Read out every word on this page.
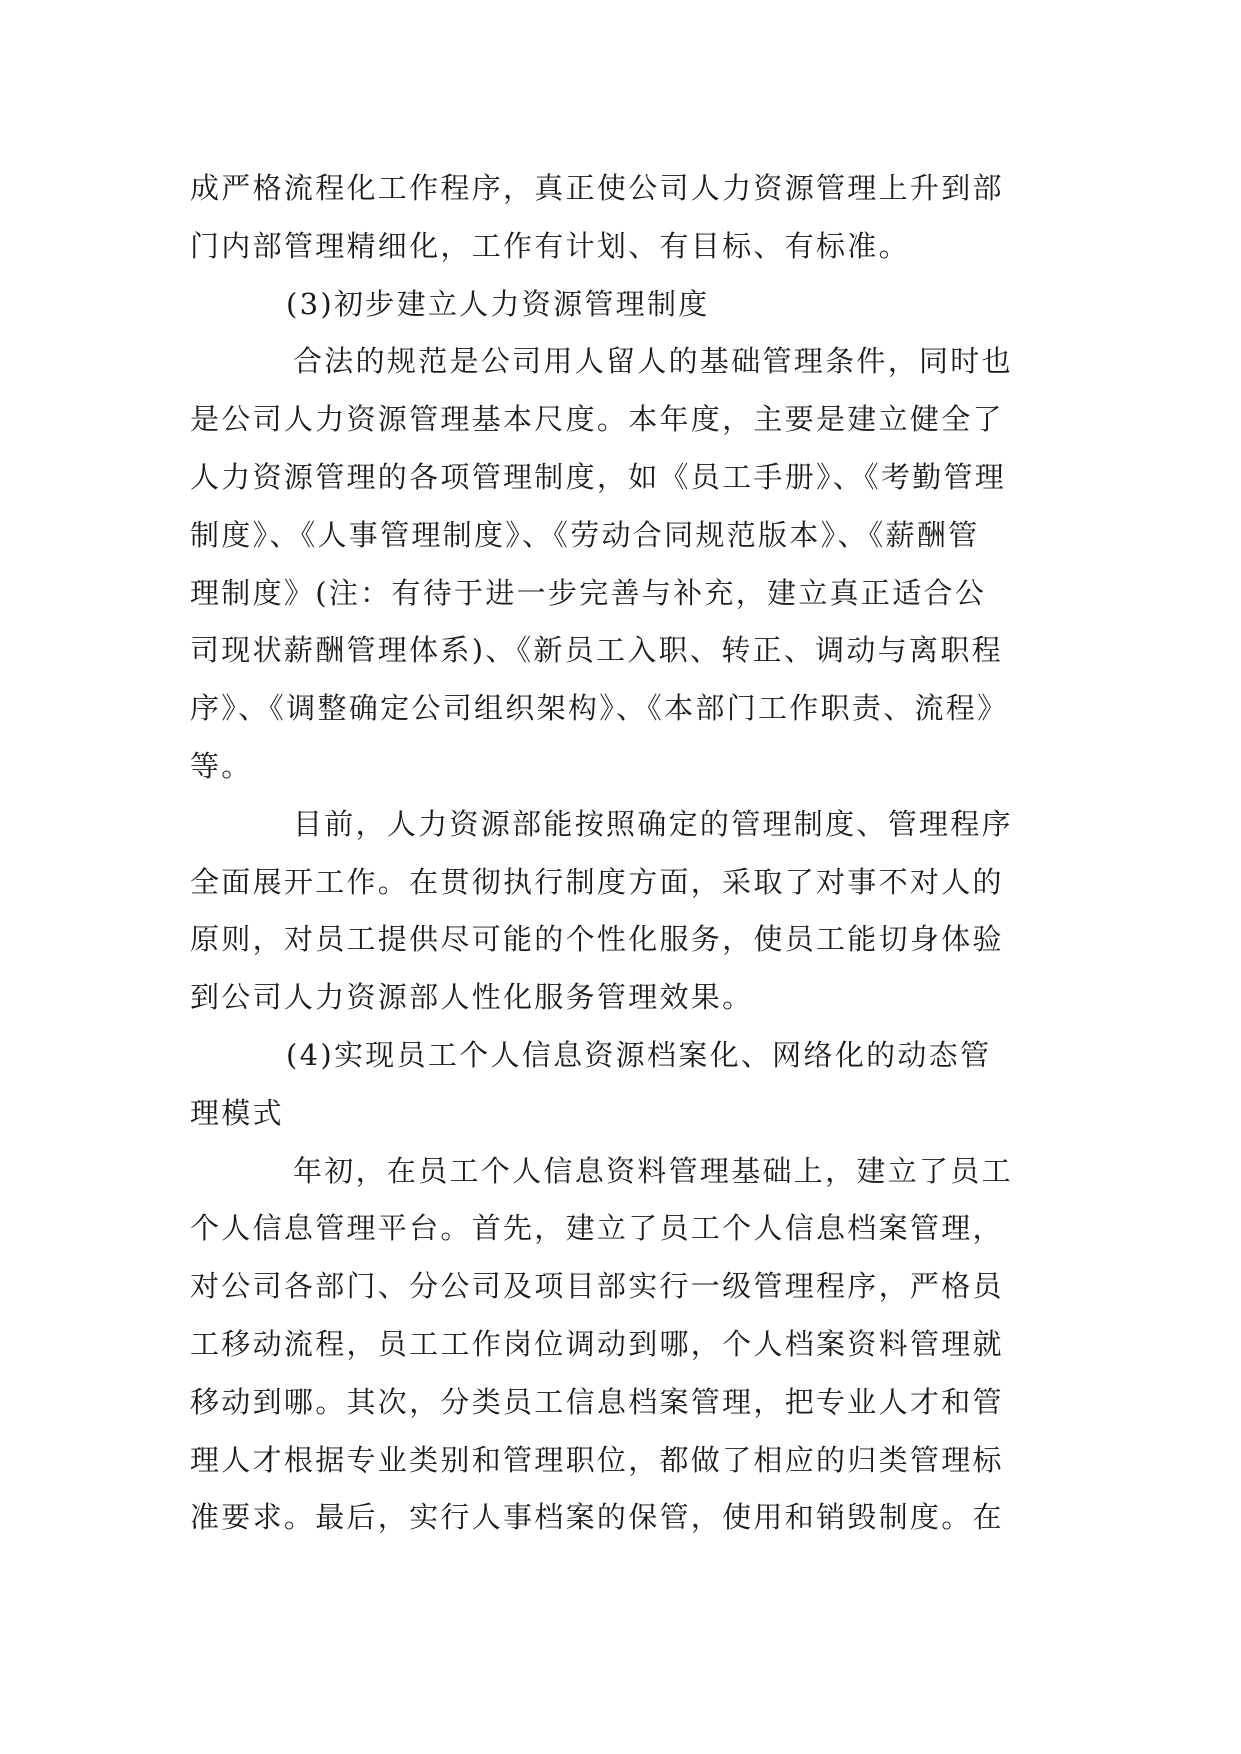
成严格流程化工作程序，真正使公司人力资源管理上升到部
门内部管理精细化，工作有计划、有目标、有标准。
(3)初步建立人力资源管理制度
合法的规范是公司用人留人的基础管理条件，同时也
是公司人力资源管理基本尺度。本年度，主要是建立健全了
人力资源管理的各项管理制度，如《员工手册》、《考勤管理
制度》、《人事管理制度》、《劳动合同规范版本》、《薪酬管
理制度》(注：有待于进一步完善与补充，建立真正适合公
司现状薪酬管理体系)、《新员工入职、转正、调动与离职程
序》、《调整确定公司组织架构》、《本部门工作职责、流程》
等。
目前，人力资源部能按照确定的管理制度、管理程序
全面展开工作。在贯彻执行制度方面，采取了对事不对人的
原则，对员工提供尽可能的个性化服务，使员工能切身体验
到公司人力资源部人性化服务管理效果。
(4)实现员工个人信息资源档案化、网络化的动态管
理模式
年初，在员工个人信息资料管理基础上，建立了员工
个人信息管理平台。首先，建立了员工个人信息档案管理，
对公司各部门、分公司及项目部实行一级管理程序，严格员
工移动流程，员工工作岗位调动到哪，个人档案资料管理就
移动到哪。其次，分类员工信息档案管理，把专业人才和管
理人才根据专业类别和管理职位，都做了相应的归类管理标
准要求。最后，实行人事档案的保管，使用和销毁制度。在
